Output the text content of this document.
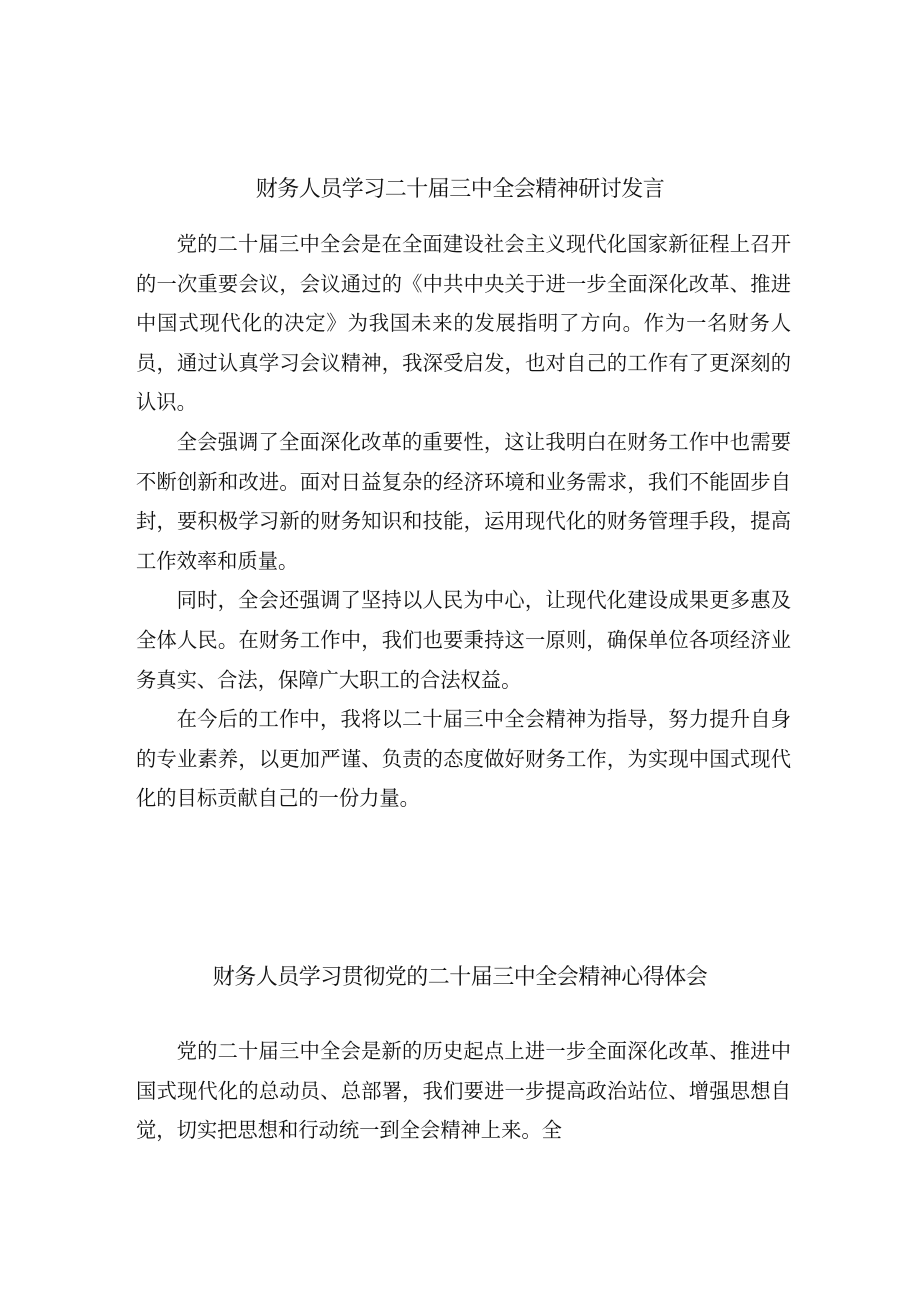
财务人员学习二十届三中全会精神研讨发言

党的二十届三中全会是在全面建设社会主义现代化国家新征程上召开的一次重要会议，会议通过的《中共中央关于进一步全面深化改革、推进中国式现代化的决定》为我国未来的发展指明了方向。作为一名财务人员，通过认真学习会议精神，我深受启发，也对自己的工作有了更深刻的认识。

全会强调了全面深化改革的重要性，这让我明白在财务工作中也需要不断创新和改进。面对日益复杂的经济环境和业务需求，我们不能固步自封，要积极学习新的财务知识和技能，运用现代化的财务管理手段，提高工作效率和质量。

同时，全会还强调了坚持以人民为中心，让现代化建设成果更多惠及全体人民。在财务工作中，我们也要秉持这一原则，确保单位各项经济业务真实、合法，保障广大职工的合法权益。

在今后的工作中，我将以二十届三中全会精神为指导，努力提升自身的专业素养，以更加严谨、负责的态度做好财务工作，为实现中国式现代化的目标贡献自己的一份力量。

财务人员学习贯彻党的二十届三中全会精神心得体会

党的二十届三中全会是新的历史起点上进一步全面深化改革、推进中国式现代化的总动员、总部署，我们要进一步提高政治站位、增强思想自觉，切实把思想和行动统一到全会精神上来。全
